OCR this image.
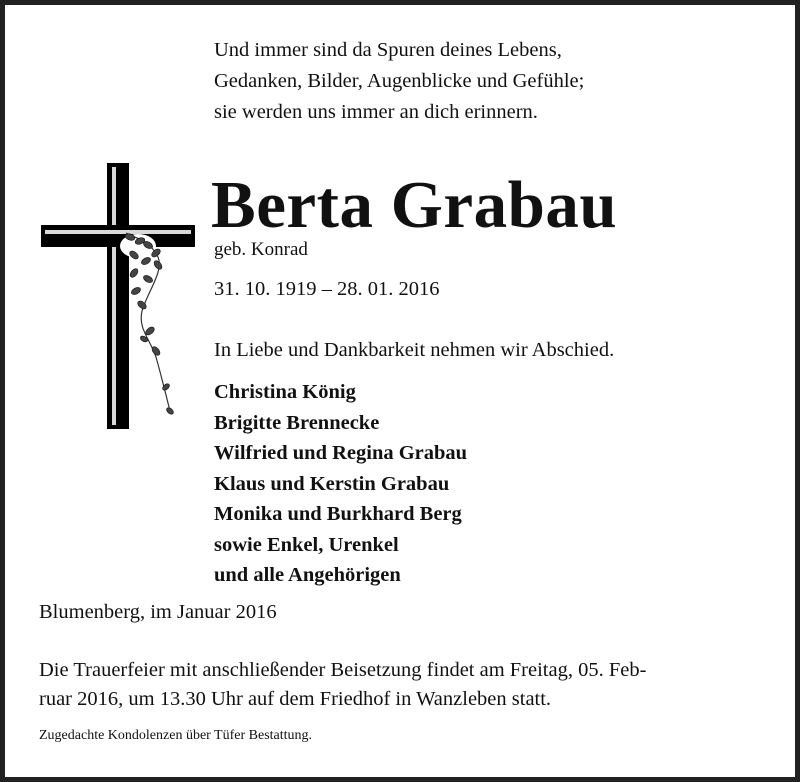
Und immer sind da Spuren deines Lebens,
Gedanken, Bilder, Augenblicke und Gefühle;
sie werden uns immer an dich erinnern.
Berta Grabau
geb. Konrad
31. 10. 1919 – 28. 01. 2016
In Liebe und Dankbarkeit nehmen wir Abschied.
Christina König
Brigitte Brennecke
Wilfried und Regina Grabau
Klaus und Kerstin Grabau
Monika und Burkhard Berg
sowie Enkel, Urenkel
und alle Angehörigen
Blumenberg, im Januar 2016
Die Trauerfeier mit anschließender Beisetzung findet am Freitag, 05. Feb-
ruar 2016, um 13.30 Uhr auf dem Friedhof in Wanzleben statt.
Zugedachte Kondolenzen über Tüfer Bestattung.
